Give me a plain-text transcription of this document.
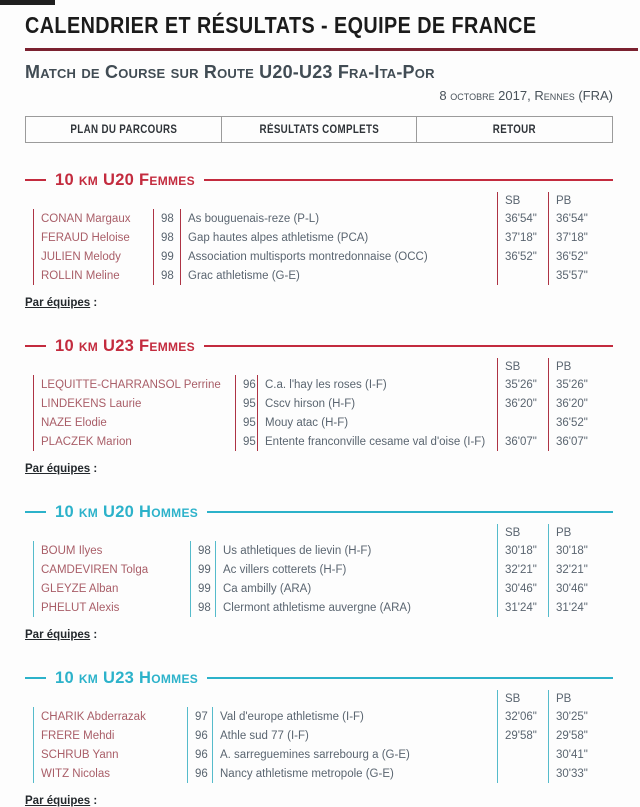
CALENDRIER ET RÉSULTATS - EQUIPE DE FRANCE
Match de Course sur Route U20-U23 Fra-Ita-Por
8 octobre 2017, Rennes (FRA)
PLAN DU PARCOURS	RÉSULTATS COMPLETS	RETOUR
10 km U20 Femmes
			SB	PB
CONAN Margaux	98	As bouguenais-reze (P-L)	36'54"	36'54"
FERAUD Heloise	98	Gap hautes alpes athletisme (PCA)	37'18"	37'18"
JULIEN Melody	99	Association multisports montredonnaise (OCC)	36'52"	36'52"
ROLLIN Meline	98	Grac athletisme (G-E)		35'57"
Par équipes :
10 km U23 Femmes
			SB	PB
LEQUITTE-CHARRANSOL Perrine	96	C.a. l'hay les roses (I-F)	35'26"	35'26"
LINDEKENS Laurie	95	Cscv hirson (H-F)	36'20"	36'20"
NAZE Elodie	95	Mouy atac (H-F)		36'52"
PLACZEK Marion	95	Entente franconville cesame val d'oise (I-F)	36'07"	36'07"
Par équipes :
10 km U20 Hommes
			SB	PB
BOUM Ilyes	98	Us athletiques de lievin (H-F)	30'18"	30'18"
CAMDEVIREN Tolga	99	Ac villers cotterets (H-F)	32'21"	32'21"
GLEYZE Alban	99	Ca ambilly (ARA)	30'46"	30'46"
PHELUT Alexis	98	Clermont athletisme auvergne (ARA)	31'24"	31'24"
Par équipes :
10 km U23 Hommes
			SB	PB
CHARIK Abderrazak	97	Val d'europe athletisme (I-F)	32'06"	30'25"
FRERE Mehdi	96	Athle sud 77 (I-F)	29'58"	29'58"
SCHRUB Yann	96	A. sarreguemines sarrebourg a (G-E)		30'41"
WITZ Nicolas	96	Nancy athletisme metropole (G-E)		30'33"
Par équipes :
